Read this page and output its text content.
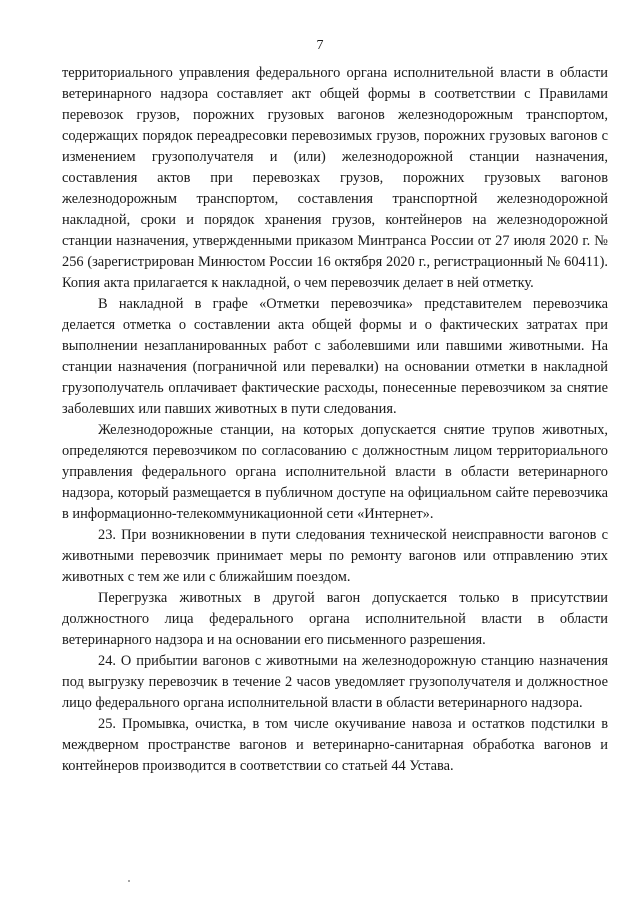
7

территориального управления федерального органа исполнительной власти в области ветеринарного надзора составляет акт общей формы в соответствии с Правилами перевозок грузов, порожних грузовых вагонов железнодорожным транспортом, содержащих порядок переадресовки перевозимых грузов, порожних грузовых вагонов с изменением грузополучателя и (или) железнодорожной станции назначения, составления актов при перевозках грузов, порожних грузовых вагонов железнодорожным транспортом, составления транспортной железнодорожной накладной, сроки и порядок хранения грузов, контейнеров на железнодорожной станции назначения, утвержденными приказом Минтранса России от 27 июля 2020 г. № 256 (зарегистрирован Минюстом России 16 октября 2020 г., регистрационный № 60411). Копия акта прилагается к накладной, о чем перевозчик делает в ней отметку.

В накладной в графе «Отметки перевозчика» представителем перевозчика делается отметка о составлении акта общей формы и о фактических затратах при выполнении незапланированных работ с заболевшими или павшими животными. На станции назначения (пограничной или перевалки) на основании отметки в накладной грузополучатель оплачивает фактические расходы, понесенные перевозчиком за снятие заболевших или павших животных в пути следования.

Железнодорожные станции, на которых допускается снятие трупов животных, определяются перевозчиком по согласованию с должностным лицом территориального управления федерального органа исполнительной власти в области ветеринарного надзора, который размещается в публичном доступе на официальном сайте перевозчика в информационно-телекоммуникационной сети «Интернет».

23. При возникновении в пути следования технической неисправности вагонов с животными перевозчик принимает меры по ремонту вагонов или отправлению этих животных с тем же или с ближайшим поездом.

Перегрузка животных в другой вагон допускается только в присутствии должностного лица федерального органа исполнительной власти в области ветеринарного надзора и на основании его письменного разрешения.

24. О прибытии вагонов с животными на железнодорожную станцию назначения под выгрузку перевозчик в течение 2 часов уведомляет грузополучателя и должностное лицо федерального органа исполнительной власти в области ветеринарного надзора.

25. Промывка, очистка, в том числе окучивание навоза и остатков подстилки в междверном пространстве вагонов и ветеринарно-санитарная обработка вагонов и контейнеров производится в соответствии со статьей 44 Устава.
